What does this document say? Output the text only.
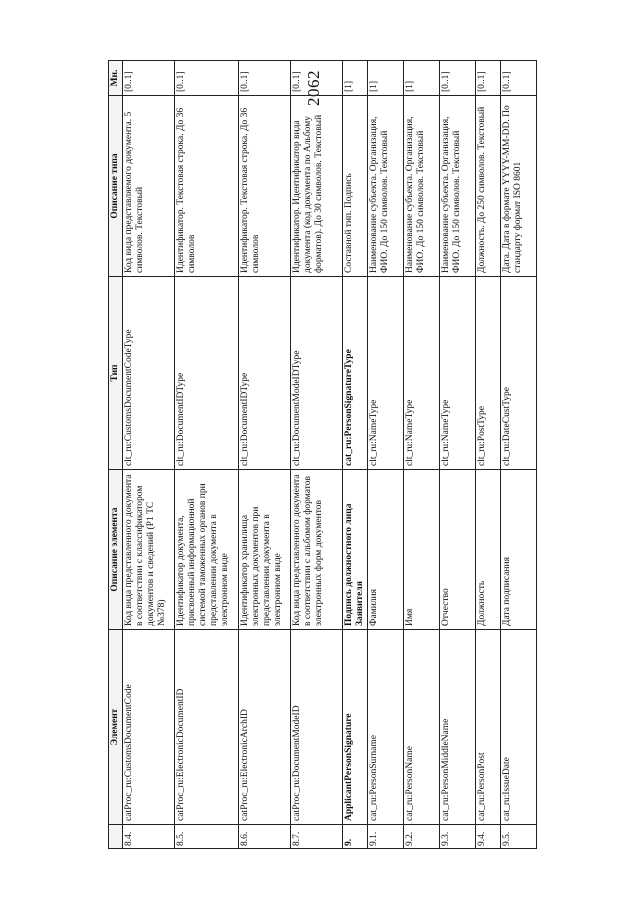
2062
	Элемент	Описание элемента	Тип	Описание типа	Мн.
8.4.	catProc_ru:CustomsDocumentCode	Код вида представленного документа в соответствии с классификатором документов и сведений (Р1 ТС №378)	clt_ru:CustomsDocumentCodeType	Код вида представляемого документа. 5 символов. Текстовый	[0..1]
8.5.	catProc_ru:ElectronicDocumentID	Идентификатор документа, присвоенный информационной системой таможенных органов при представлении документа в электронном виде	clt_ru:DocumentIDType	Идентификатор. Текстовая строка. До 36 символов	[0..1]
8.6.	catProc_ru:ElectronicArchID	Идентификатор хранилища электронных документов при представлении документа в электронном виде	clt_ru:DocumentIDType	Идентификатор. Текстовая строка. До 36 символов	[0..1]
8.7.	catProc_ru:DocumentModeID	Код вида представленного документа в соответствии с альбомом форматов электронных форм документов	clt_ru:DocumentModeIDType	Идентификатор. Идентификатор вида документа (код документа по Альбому форматов). До 30 символов. Текстовый	[0..1]
9.	ApplicantPersonSignature	Подпись должностного лица Заявителя	cat_ru:PersonSignatureType	Составной тип. Подпись	[1]
9.1.	cat_ru:PersonSurname	Фамилия	clt_ru:NameType	Наименование субъекта. Организация, ФИО. До 150 символов. Текстовый	[1]
9.2.	cat_ru:PersonName	Имя	clt_ru:NameType	Наименование субъекта. Организация, ФИО. До 150 символов. Текстовый	[1]
9.3.	cat_ru:PersonMiddleName	Отчество	clt_ru:NameType	Наименование субъекта. Организация, ФИО. До 150 символов. Текстовый	[0..1]
9.4.	cat_ru:PersonPost	Должность	clt_ru:PostType	Должность. До 250 символов. Текстовый	[0..1]
9.5.	cat_ru:IssueDate	Дата подписания	clt_ru:DateCustType	Дата. Дата в формате YYYY-MM-DD. По стандарту формат ISO 8601	[0..1]
